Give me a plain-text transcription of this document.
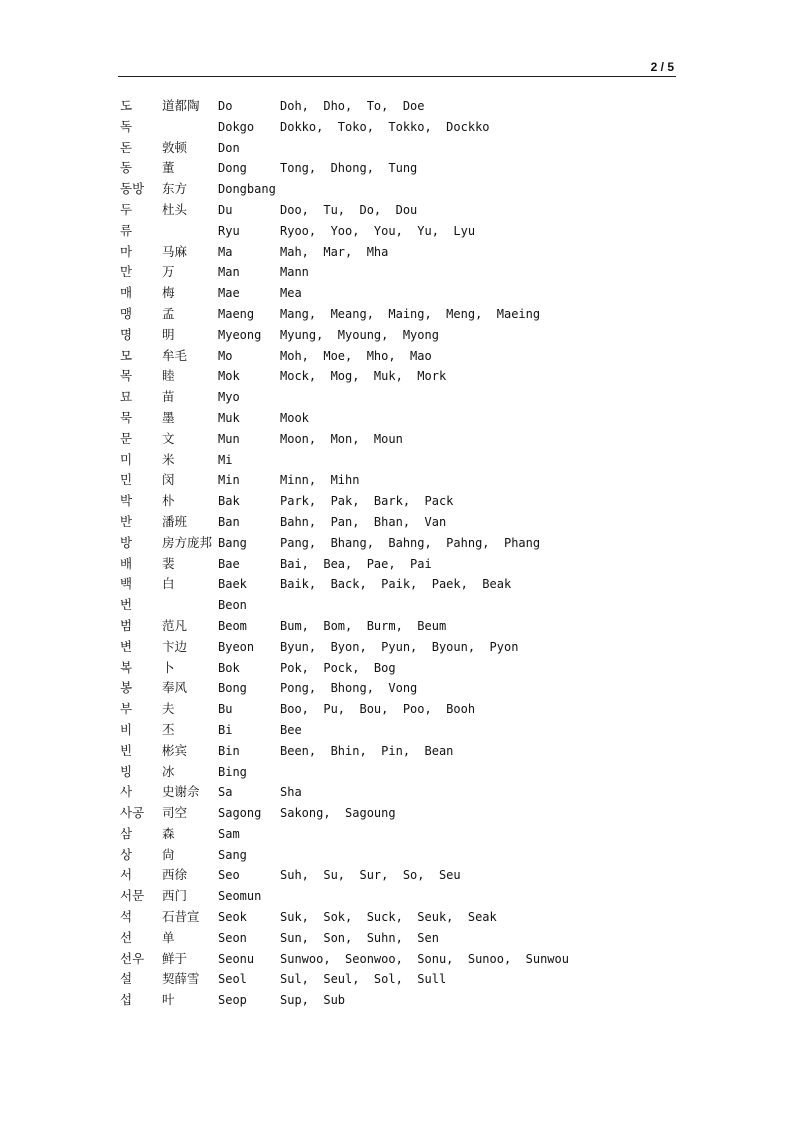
2 / 5
도 道都陶 Do	Doh,  Dho,  To,  Doe
독	Dokgo Dokko,  Toko,  Tokko,  Dockko
돈 敦顿	Don
동 董	Dong	Tong,  Dhong,  Tung
동방 东方	Dongbang
두 杜头	Du	Doo,  Tu,  Do,  Dou
류	Ryu	Ryoo,  Yoo,  You,  Yu,  Lyu
마 马麻	Ma	Mah,  Mar,  Mha
만 万	Man	Mann
매 梅	Mae	Mea
맹 孟	Maeng Mang,  Meang,  Maing,  Meng,  Maeing
명 明	Myeong Myung,  Myoung,  Myong
모 牟毛	Mo	Moh,  Moe,  Mho,  Mao
목 睦	Mok	Mock,  Mog,  Muk,  Mork
묘 苗	Myo
묵 墨	Muk	Mook
문 文	Mun	Moon,  Mon,  Moun
미 米	Mi
민 闵	Min	Minn,  Mihn
박 朴	Bak	Park,  Pak,  Bark,  Pack
반 潘班	Ban	Bahn,  Pan,  Bhan,  Van
방 房方庞邦 Bang	Pang,  Bhang,  Bahng,  Pahng,  Phang
배 裴	Bae	Bai,  Bea,  Pae,  Pai
백 白	Baek	Baik,  Back,  Paik,  Paek,  Beak
번	Beon
범 范凡	Beom	Bum,  Bom,  Burm,  Beum
변 卞边	Byeon Byun,  Byon,  Pyun,  Byoun,  Pyon
복 卜	Bok	Pok,  Pock,  Bog
봉 奉风	Bong	Pong,  Bhong,  Vong
부 夫	Bu	Boo,  Pu,  Bou,  Poo,  Booh
비 丕	Bi	Bee
빈 彬宾	Bin	Been,  Bhin,  Pin,  Bean
빙 冰	Bing
사 史谢佘 Sa	Sha
사공 司空	Sagong Sakong,  Sagoung
삼 森	Sam
상 尙	Sang
서 西徐	Seo	Suh,  Su,  Sur,  So,  Seu
서문 西门	Seomun
석 石昔宣 Seok	Suk,  Sok,  Suck,  Seuk,  Seak
선 单	Seon	Sun,  Son,  Suhn,  Sen
선우 鲜于	Seonu Sunwoo,  Seonwoo,  Sonu,  Sunoo,  Sunwou
설 契薛雪 Seol	Sul,  Seul,  Sol,  Sull
섭 叶	Seop	Sup,  Sub
